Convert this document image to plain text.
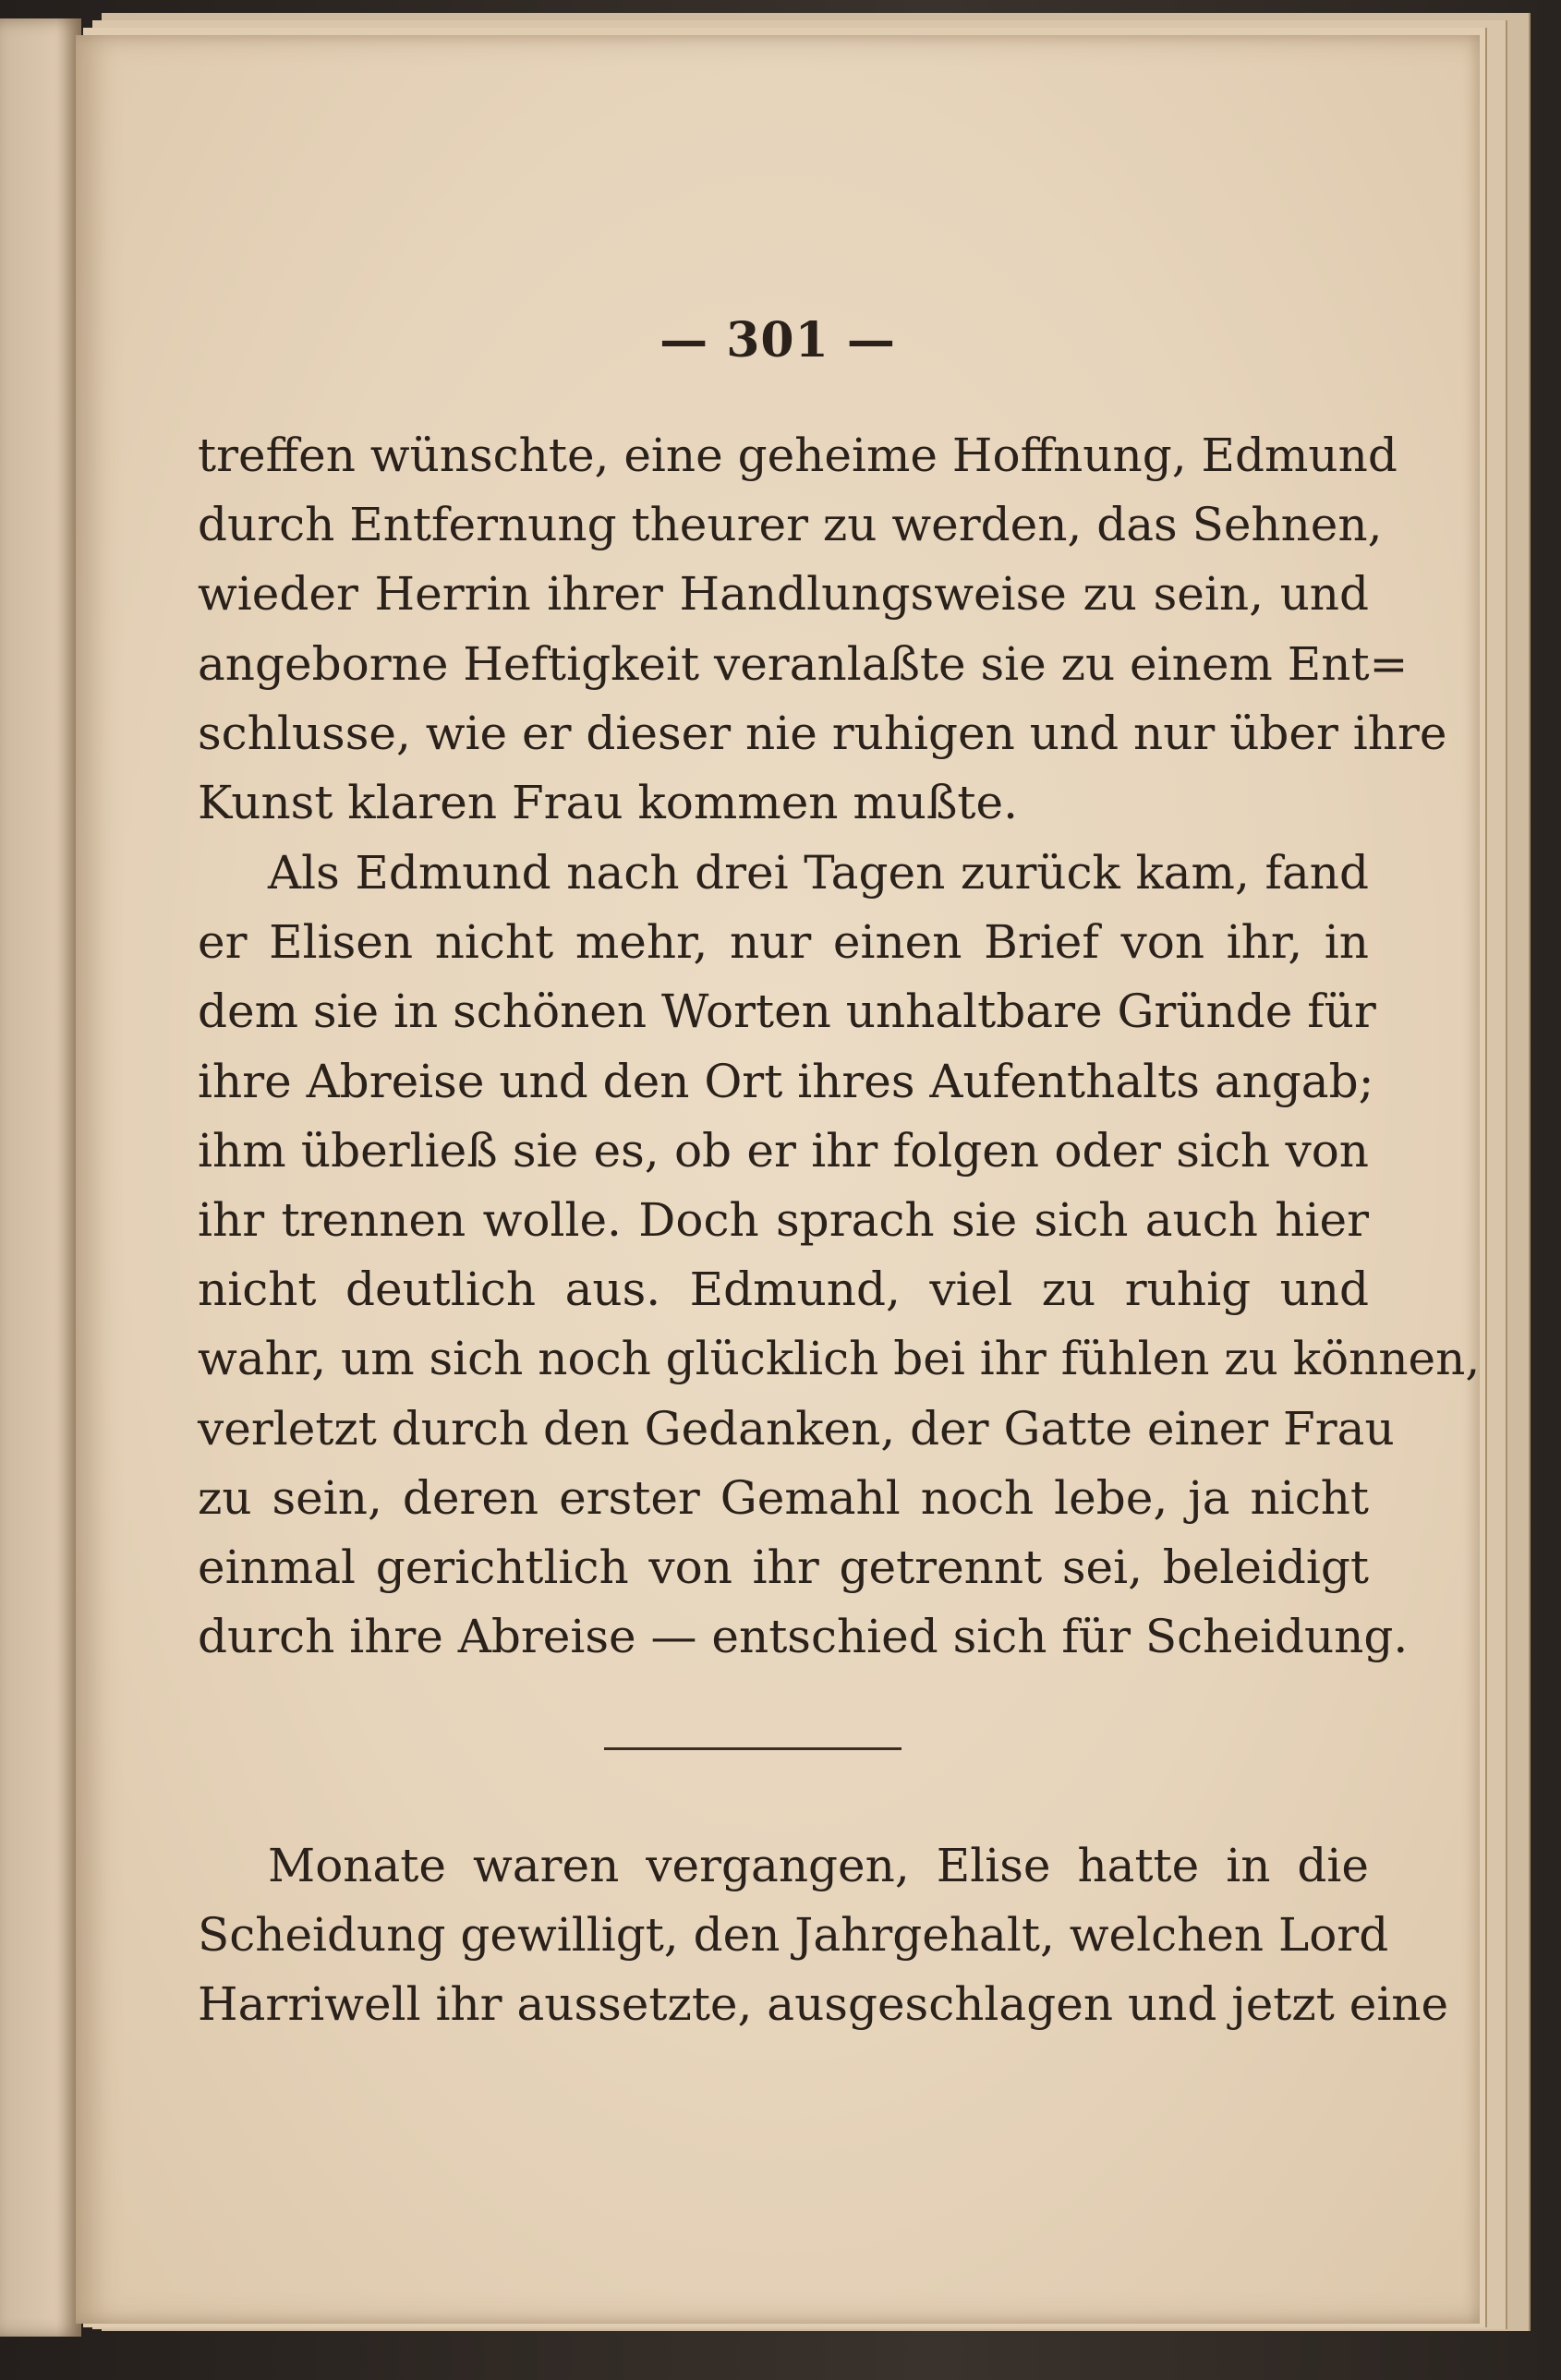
— 301 —
treffen wünschte, eine geheime Hoffnung, Edmund
durch Entfernung theurer zu werden, das Sehnen,
wieder Herrin ihrer Handlungsweise zu sein, und
angeborne Heftigkeit veranlaßte sie zu einem Ent=
schlusse, wie er dieser nie ruhigen und nur über ihre
Kunst klaren Frau kommen mußte.
Als Edmund nach drei Tagen zurück kam, fand
er Elisen nicht mehr, nur einen Brief von ihr, in
dem sie in schönen Worten unhaltbare Gründe für
ihre Abreise und den Ort ihres Aufenthalts angab;
ihm überließ sie es, ob er ihr folgen oder sich von
ihr trennen wolle. Doch sprach sie sich auch hier
nicht deutlich aus. Edmund, viel zu ruhig und
wahr, um sich noch glücklich bei ihr fühlen zu können,
verletzt durch den Gedanken, der Gatte einer Frau
zu sein, deren erster Gemahl noch lebe, ja nicht
einmal gerichtlich von ihr getrennt sei, beleidigt
durch ihre Abreise — entschied sich für Scheidung.
Monate waren vergangen, Elise hatte in die
Scheidung gewilligt, den Jahrgehalt, welchen Lord
Harriwell ihr aussetzte, ausgeschlagen und jetzt eine
